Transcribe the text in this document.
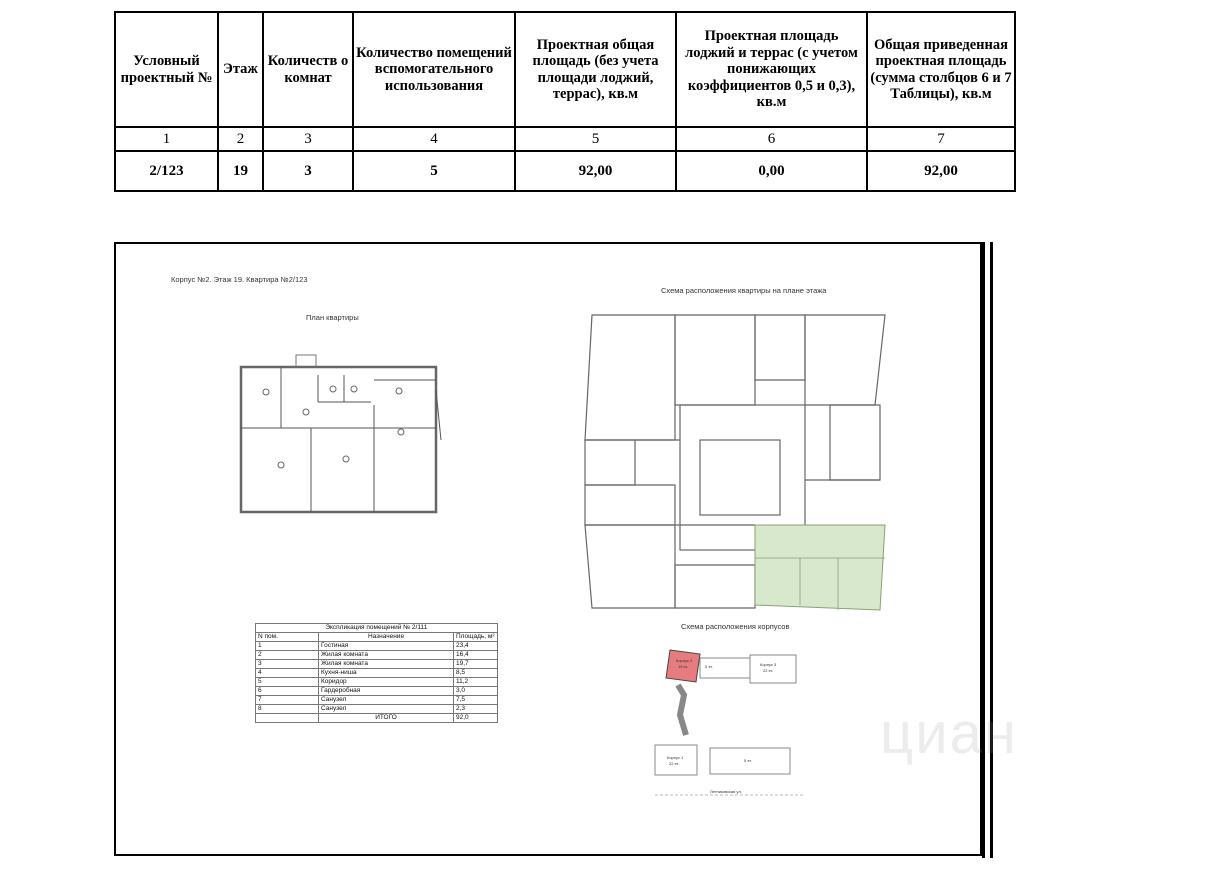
Условный проектный №	Этаж	Количеств о комнат	Количество помещений вспомогательного использования	Проектная общая площадь (без учета площади лоджий, террас), кв.м	Проектная площадь лоджий и террас (с учетом понижающих коэффициентов 0,5 и 0,3), кв.м	Общая приведенная проектная площадь (сумма столбцов 6 и 7 Таблицы), кв.м
1	2	3	4	5	6	7
2/123	19	3	5	92,00	0,00	92,00
Корпус №2. Этаж 19. Квартира №2/123
План квартиры
Схема расположения квартиры на плане этажа
Схема расположения корпусов
Экспликация помещений № 2/111		
N пом.	Назначение	Площадь, м²
1	Гостиная	23,4
2	Жилая комната	16,4
3	Жилая комната	19,7
4	Кухня-ниша	8,5
5	Коридор	11,2
6	Гардеробная	3,0
7	Санузел	7,5
8	Санузел	2,3
	ИТОГО	92,0
Корпус 2
19 эт.	5 эт.	Корпус 3
22 эт.
Корпус 1
22 эт.
5 эт.
Летниковская ул.
циан
